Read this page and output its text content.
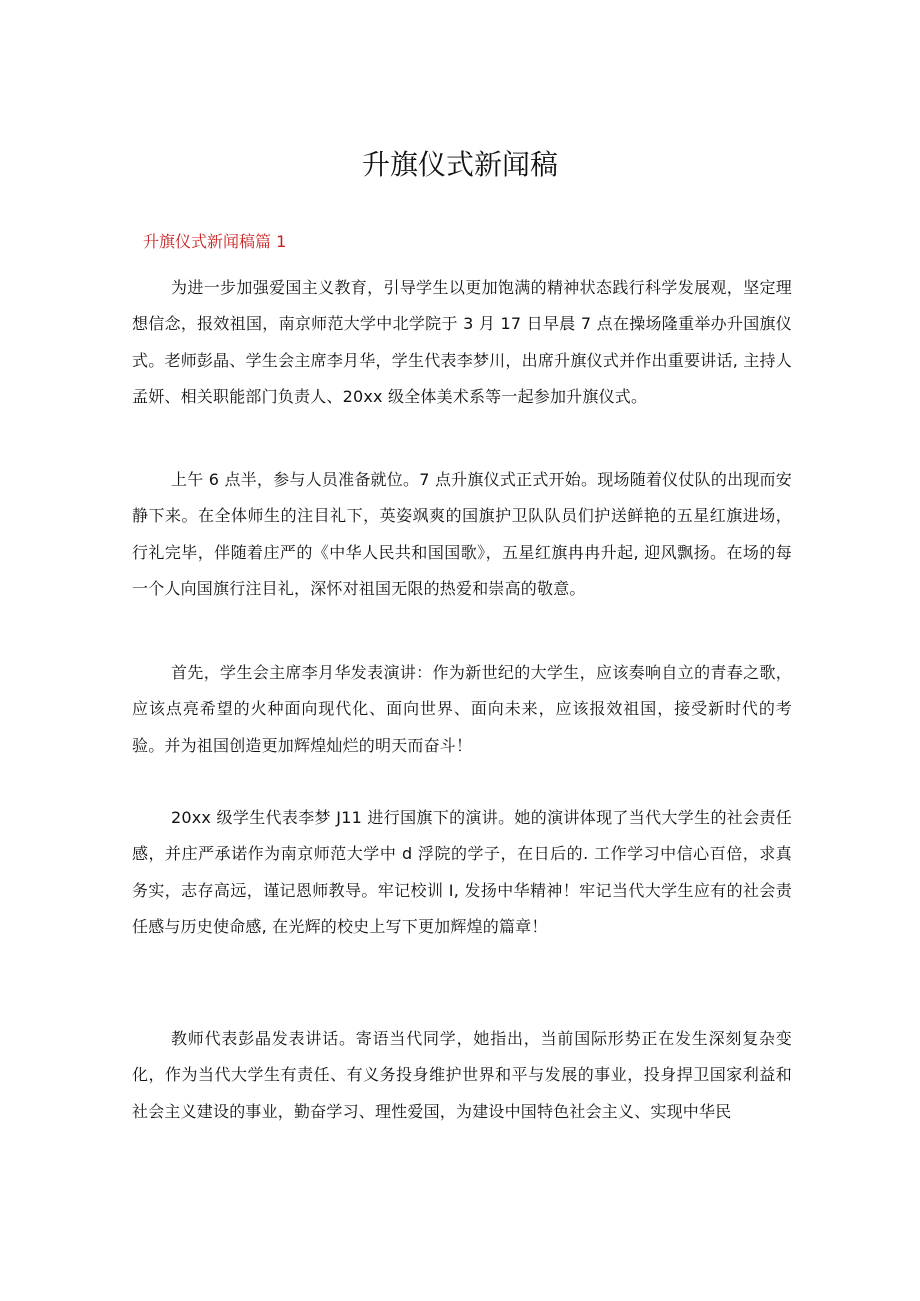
升旗仪式新闻稿

升旗仪式新闻稿篇 1

为进一步加强爱国主义教育，引导学生以更加饱满的精神状态践行科学发展观，坚定理想信念，报效祖国，南京师范大学中北学院于 3 月 17 日早晨 7 点在操场隆重举办升国旗仪式。老师彭晶、学生会主席李月华，学生代表李梦川，出席升旗仪式并作出重要讲话, 主持人孟妍、相关职能部门负责人、20xx 级全体美术系等一起参加升旗仪式。

上午 6 点半，参与人员准备就位。7 点升旗仪式正式开始。现场随着仪仗队的出现而安静下来。在全体师生的注目礼下，英姿飒爽的国旗护卫队队员们护送鲜艳的五星红旗进场，行礼完毕，伴随着庄严的《中华人民共和国国歌》，五星红旗冉冉升起, 迎风飘扬。在场的每一个人向国旗行注目礼，深怀对祖国无限的热爱和崇高的敬意。

首先，学生会主席李月华发表演讲：作为新世纪的大学生，应该奏响自立的青春之歌，应该点亮希望的火种面向现代化、面向世界、面向未来，应该报效祖国，接受新时代的考验。并为祖国创造更加辉煌灿烂的明天而奋斗！

20xx 级学生代表李梦 J11 进行国旗下的演讲。她的演讲体现了当代大学生的社会责任感，并庄严承诺作为南京师范大学中 d 浮院的学子，在日后的. 工作学习中信心百倍，求真务实，志存高远，谨记恩师教导。牢记校训 I, 发扬中华精神！牢记当代大学生应有的社会责任感与历史使命感, 在光辉的校史上写下更加辉煌的篇章！

教师代表彭晶发表讲话。寄语当代同学，她指出，当前国际形势正在发生深刻复杂变化，作为当代大学生有责任、有义务投身维护世界和平与发展的事业，投身捍卫国家利益和社会主义建设的事业，勤奋学习、理性爱国，为建设中国特色社会主义、实现中华民
